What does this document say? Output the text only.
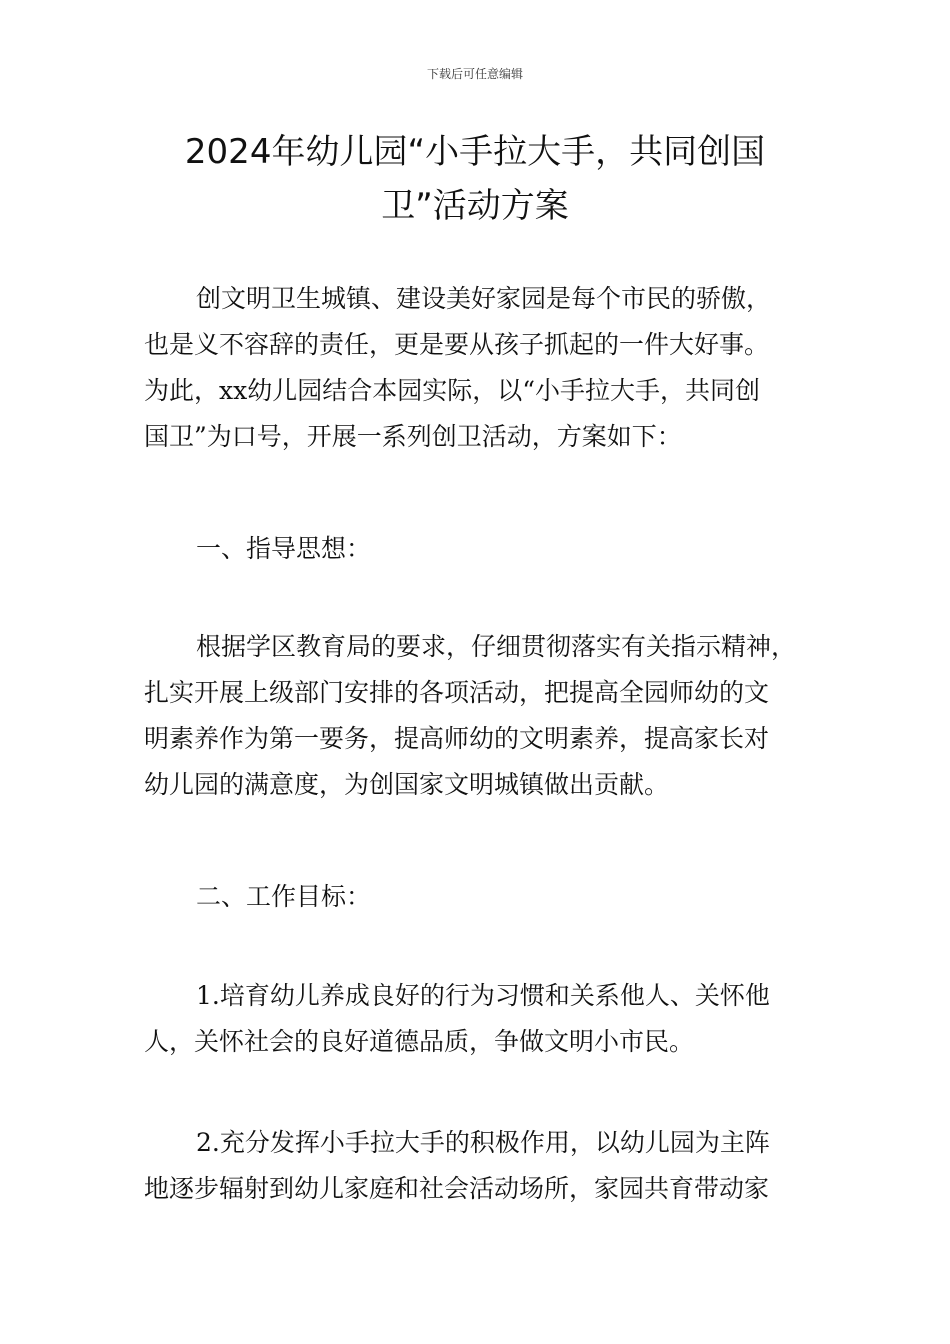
下载后可任意编辑
2024年幼儿园“小手拉大手，共同创国
卫”活动方案
创文明卫生城镇、建设美好家园是每个市民的骄傲，
也是义不容辞的责任，更是要从孩子抓起的一件大好事。
为此，xx幼儿园结合本园实际，以“小手拉大手，共同创
国卫”为口号，开展一系列创卫活动，方案如下：
一、指导思想：
根据学区教育局的要求，仔细贯彻落实有关指示精神，
扎实开展上级部门安排的各项活动，把提高全园师幼的文
明素养作为第一要务，提高师幼的文明素养，提高家长对
幼儿园的满意度，为创国家文明城镇做出贡献。
二、工作目标：
1.培育幼儿养成良好的行为习惯和关系他人、关怀他
人，关怀社会的良好道德品质，争做文明小市民。
2.充分发挥小手拉大手的积极作用，以幼儿园为主阵
地逐步辐射到幼儿家庭和社会活动场所，家园共育带动家
